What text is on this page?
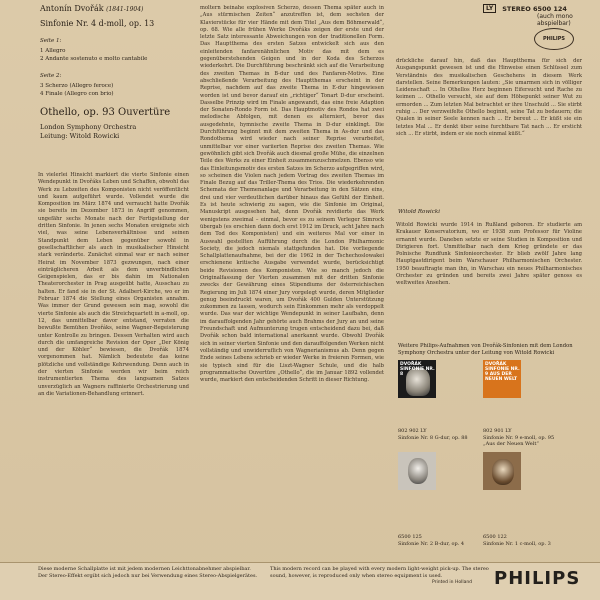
Antonín Dvořák (1841-1904)
Sinfonie Nr. 4 d-moll, op. 13
Seite 1:
1 Allegro
2 Andante sostenuto e molto cantabile
Seite 2:
3 Scherzo (Allegro feroce)
4 Finale (Allegro con brio)
Othello, op. 93 Ouvertüre
London Symphony Orchestra
Leitung: Witold Rowicki
LY	STEREO 6500 124
(auch mono abspielbar)
PHILIPS

In vielerlei Hinsicht markiert die vierte Sinfonie einen Wendepunkt in Dvořáks Leben und Schaffen, obwohl das Werk zu Lebzeiten des Komponisten nicht veröffentlicht und kaum aufgeführt wurde. Vollendet wurde die Komposition im März 1874 und verraucht hatte Dvořák sie bereits im Dezember 1873 in Angriff genommen, ungefähr sechs Monate nach der Fertigstellung der dritten Sinfonie. In jenen sechs Monaten ereignete sich viel, was seine Lebensverhältnisse und seinen Standpunkt dem Leben gegenüber sowohl in gesellschaftlicher als auch in musikalischer Hinsicht stark veränderte. Zunächst einmal war er nach seiner Heirat im November 1873 gezwungen, nach einer einträglicheren Arbeit als dem unverbindlichen Geigenspielen, das er bis dahin im Nationalen Theaterorchester in Prag ausgeübt hatte, Ausschau zu halten. Er fand sie in der St. Adalbert-Kirche, wo er im Februar 1874 die Stellung eines Organisten annahm. Was immer der Grund gewesen sein mag, sowohl die vierte Sinfonie als auch die Streichquartett in a-moll, op. 12, das unmittelbar davor entstand, verraten die bewußte Bemühen Dvořáks, seine Wagner-Begeisterung unter Kontrolle zu bringen. Dessen Verhalten wird auch durch die umfangreiche Revision der Oper „Der König und der Köhler“ bewiesen, die Dvořák 1874 vorgenommen hat. Nämlich bedeutete das keine plötzliche und vollständige Kehrwendung. Denn auch in der vierten Sinfonie werden wir beim reich instrumentierten Thema des langsamen Satzes unverzüglich an Wagners raffinierte Orchestrierung und an die Variationen-Behandlung erinnert.

moltern beinahe explosiven Scherzo, dessen Thema später auch in „Aus stürmischen Zeiten“ anzutreffen ist, dem sechsten der Klavierstücke für vier Hände mit dem Titel „Aus dem Böhmerwald“, op. 68. Wie alle frühen Werke Dvořáks zeigen der erste und der letzte Satz interessante Abweichungen von der traditionellen Form. Das Hauptthema des ersten Satzes entwickelt sich aus den einleitenden fanfarenähnlichen Motiv das mit dem es gegenüberstehenden Geigen und in der Koda des Scherzos wiederkehrt. Die Durchführung beschränkt sich auf die Verarbeitung des zweiten Themas in B-dur und des Fanfaren-Motivs. Eine abschließende Verarbeitung des Hauptthemas erscheint in der Reprise, nachdem auf das zweite Thema in E-dur hingewiesen worden ist und bevor darauf ein „richtiger“ Tonart D-dur erscheint. Dasselbe Prinzip wird im Finale angewandt, das eine freie Adaption der Sonaten-Rondo Form ist. Das Hauptmotiv des Rondos hat zwei melodische Abfolgen, mit denen es alterniert, bevor das ausgedehnte, hymnische zweite Thema in D-dur einklingt. Die Durchführung beginnt mit dem zweiten Thema in As-dur und das Rondothema wird wieder nach seiner Reprise verarbeitet, unmittelbar vor einer variierten Reprise des zweiten Themas. Wie gewöhnlich gibt sich Dvořák auch diesmal große Mühe, die einzelnen Teile des Werks zu einer Einheit zusammenzuschmelzen. Ebenso wie das Einleitungsmotiv des ersten Satzes im Scherzo aufgegriffen wird, so scheinen die Violen nach jedem Vortrag des zweiten Themas im Finale Bezug auf das Triller-Thema des Trios. Die wiederkehrenden Schemata der Themenanlage und Verarbeitung in den Sätzen eins, drei und vier verdeutlichen darüber hinaus das Gefühl der Einheit. Es ist heute schwierig zu sagen, wie die Sinfonie im Original, Manuskript ausgesehen hat, denn Dvořák revidierte das Werk wenigstens zweimal – einmal, bevor es zu seinem Verleger Simrock übergab (es erschien dann doch erst 1912 im Druck, acht Jahre nach dem Tod des Komponisten) und ein weiteres Mal vor einer in Auswahl gestellten Aufführung durch die London Philharmonic Society, die jedoch niemals stattgefunden hat. Die vorliegende Schallplattenaufnahme, bei der die 1962 in der Tschechoslowakei erschienene kritische Ausgabe verwendet wurde, berücksichtigt beide Revisionen des Komponisten. Wie so manch jedoch die Originalfassung der Vierten zusammen mit der dritten Sinfonie zwecks der Gewährung eines Stipendiums der österreichischen Regierung im Juli 1874 einer Jury vorgelegt wurde, deren Mitglieder genug beeindruckt waren, um Dvořák 400 Gulden Unterstützung zukommen zu lassen, wodurch sein Einkommen mehr als verdoppelt wurde. Das war der wichtige Wendepunkt in seiner Laufbahn, denn im darauffolgenden Jahr gehörte auch Brahms der Jury an und seine Freundschaft und Aufmunterung trugen entscheidend dazu bei, daß Dvořák schon bald international anerkannt wurde. Obwohl Dvořák sich in seiner vierten Sinfonie und den darauffolgenden Werken nicht vollständig und unwiderruflich von Wagnerianismus ab. Denn gegen Ende seines Lebens schrieb er wieder Werke in freieren Formen, wie sie typisch sind für die Liszt-Wagner Schule, und die halb programmatische Ouvertüre „Othello“, die im Januar 1892 vollendet wurde, markiert den entscheidenden Schritt in dieser Richtung.

drückliche darauf hin, daß das Hauptthema für sich der Ausgangspunkt gewesen ist und die Hinweise einen Schlüssel zum Verständnis des musikalischen Geschehens in diesem Werk darstellen. Seine Bemerkungen lauten: „Sie umarmen sich in völliger Leidenschaft ... In Othellos Herz beginnen Eifersucht und Rache zu keimen ... Othello versucht, sie auf dem Höhepunkt seiner Wut zu ermorden ... Zum letzten Mal betrachtet er ihre Unschuld ... Sie stirbt ruhig ... Der verzweifelte Othello beginnt, seine Tat zu bedauern; die Qualen in seiner Seele kennen nach ... Er bereut ... Er küßt sie ein letztes Mal ... Er denkt über seine furchtbare Tat nach ... Er ersticht sich ... Er stirbt, indem er sie noch einmal küßt.“

Witold Rowicki

Witold Rowicki wurde 1914 in Rußland geboren. Er studierte am Krakauer Konservatorium, wo er 1938 zum Professor für Violine ernannt wurde. Daneben setzte er seine Studien in Komposition und Dirigieren fort. Unmittelbar nach dem Krieg gründete er das Polnische Rundfunk Sinfonieorchester. Er blieb zwölf Jahre lang Hauptgastdirigent beim Warschauer Philharmonischen Orchester. 1950 beauftragte man ihn, in Warschau ein neues Philharmonisches Orchester zu gründen und bereits zwei Jahre später genoss es weltweites Ansehen.

Weitere Philips-Aufnahmen von Dvořák-Sinfonien mit dem London Symphony Orchestra unter der Leitung von Witold Rowicki
DVOŘÁK SINFONIE NR. 8
802 902 LY
Sinfonie Nr. 8 G-dur, op. 88
DVOŘÁK SINFONIE NR. 9 AUS DER NEUEN WELT
802 901 LY
Sinfonie Nr. 9 e-moll, op. 95 „Aus der Neuen Welt“
6500 125
Sinfonie Nr. 2 B-dur, op. 4
6500 122
Sinfonie Nr. 1 c-moll, op. 3
Diese moderne Schallplatte ist mit jedem modernen Leichttonabnehmer abspielbar. Der Stereo-Effekt ergibt sich jedoch nur bei Verwendung eines Stereo-Abspielgerätes.
This modern record can be played with every modern light-weight pick-up. The stereo sound, however, is reproduced only when stereo equipment is used.
Printed in Holland PHILIPS
